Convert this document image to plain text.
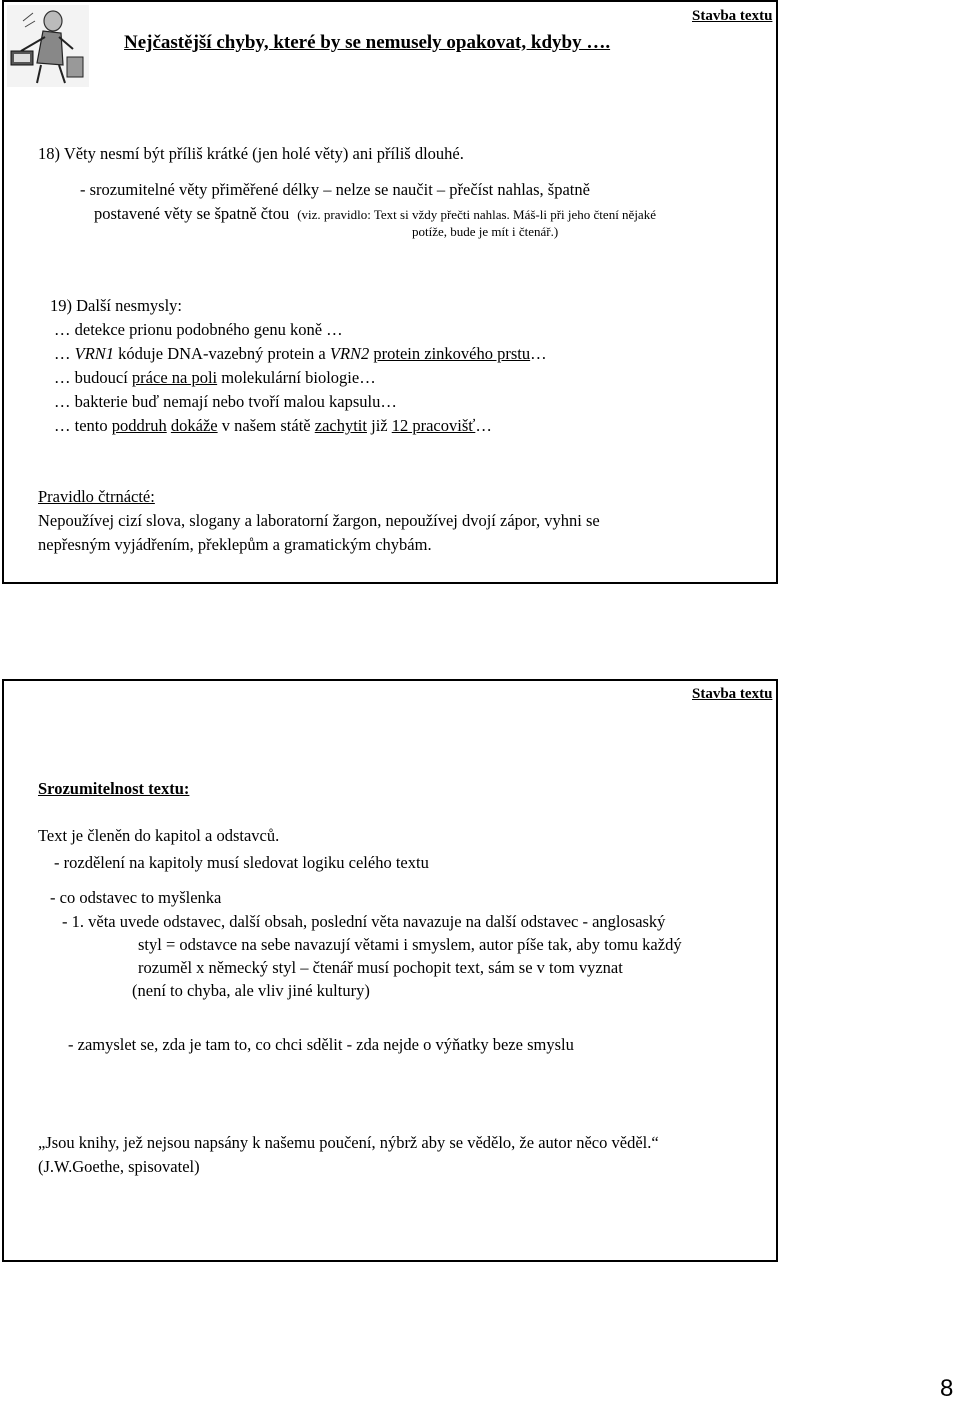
Stavba textu
Nejčastější chyby, které by se nemusely opakovat, kdyby ….
18) Věty nesmí být příliš krátké (jen holé věty) ani příliš dlouhé.
- srozumitelné věty přiměřené délky – nelze se naučit – přečíst nahlas, špatně
postavené věty se špatně čtou (viz. pravidlo: Text si vždy přečti nahlas. Máš-li při jeho čtení nějaké
potíže, bude je mít i čtenář.)
19) Další nesmysly:
… detekce prionu podobného genu koně …
… VRN1 kóduje DNA-vazebný protein a VRN2 protein zinkového prstu…
… budoucí práce na poli molekulární biologie…
… bakterie buď nemají nebo tvoří malou kapsulu…
… tento poddruh dokáže v našem státě zachytit již 12 pracovišť…
Pravidlo čtrnácté:
Nepoužívej cizí slova, slogany a laboratorní žargon, nepoužívej dvojí zápor, vyhni se
nepřesným vyjádřením, překlepům a gramatickým chybám.
Stavba textu
Srozumitelnost textu:
Text je členěn do kapitol a odstavců.
- rozdělení na kapitoly musí sledovat logiku celého textu
- co odstavec to myšlenka
- 1. věta uvede odstavec, další obsah, poslední věta navazuje na další odstavec - anglosaský
styl = odstavce na sebe navazují větami i smyslem, autor píše tak, aby tomu každý
rozuměl x německý styl – čtenář musí pochopit text, sám se v tom vyznat
(není to chyba, ale vliv jiné kultury)
- zamyslet se, zda je tam to, co chci sdělit - zda nejde o výňatky beze smyslu
„Jsou knihy, jež nejsou napsány k našemu poučení, nýbrž aby se vědělo, že autor něco věděl.“
(J.W.Goethe, spisovatel)
8
